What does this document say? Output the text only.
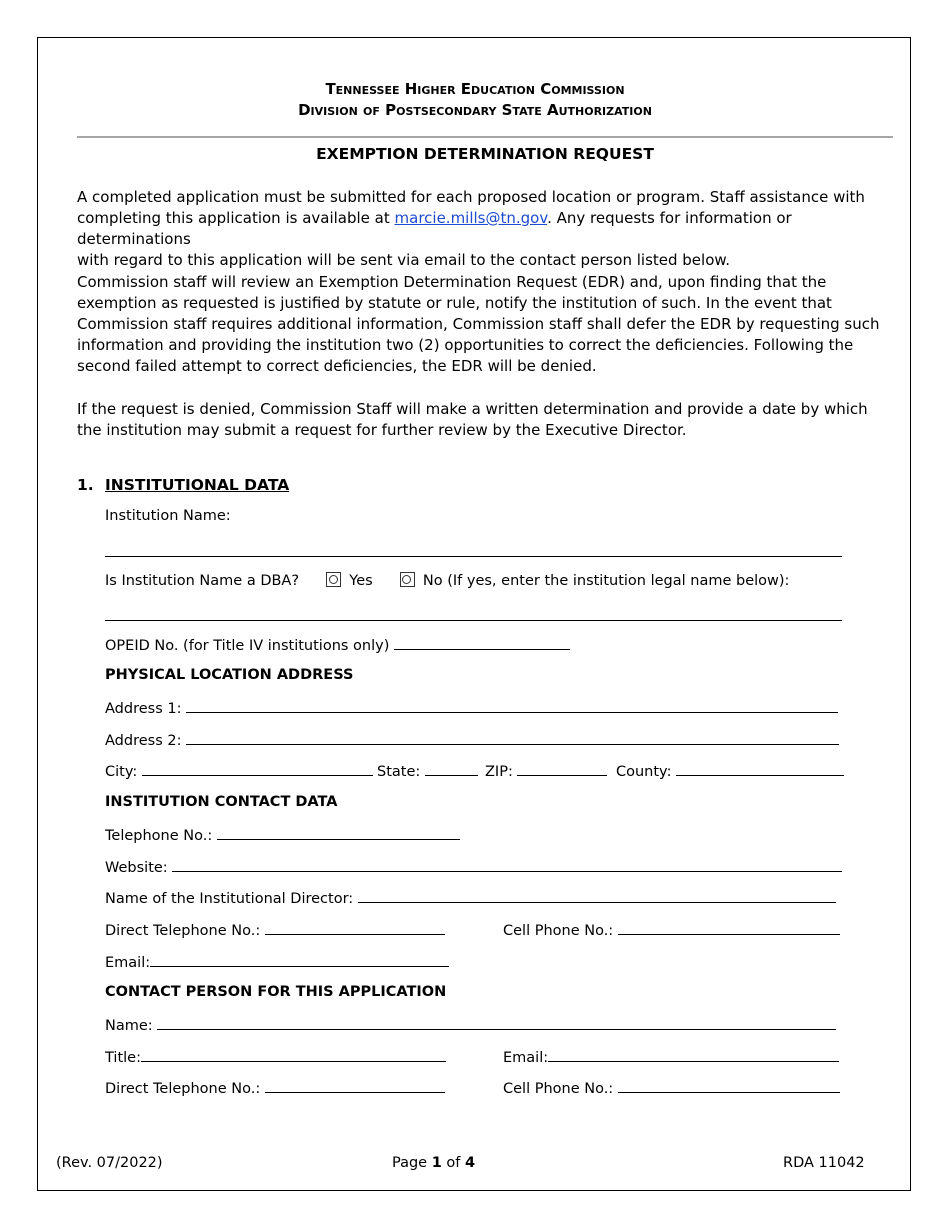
Tennessee Higher Education Commission
Division of Postsecondary State Authorization
EXEMPTION DETERMINATION REQUEST
A completed application must be submitted for each proposed location or program. Staff assistance with
completing this application is available at marcie.mills@tn.gov. Any requests for information or determinations
with regard to this application will be sent via email to the contact person listed below.
Commission staff will review an Exemption Determination Request (EDR) and, upon finding that the exemption as requested is justified by statute or rule, notify the institution of such. In the event that Commission staff requires additional information, Commission staff shall defer the EDR by requesting such information and providing the institution two (2) opportunities to correct the deficiencies. Following the second failed attempt to correct deficiencies, the EDR will be denied.
If the request is denied, Commission Staff will make a written determination and provide a date by which the institution may submit a request for further review by the Executive Director.
1. INSTITUTIONAL DATA
Institution Name:
Is Institution Name a DBA?	Yes	No (If yes, enter the institution legal name below):
OPEID No. (for Title IV institutions only)
PHYSICAL LOCATION ADDRESS
Address 1:
Address 2:
City:	State:	ZIP:	County:
INSTITUTION CONTACT DATA
Telephone No.:
Website:
Name of the Institutional Director:
Direct Telephone No.:	Cell Phone No.:
Email:
CONTACT PERSON FOR THIS APPLICATION
Name:
Title:	Email:
Direct Telephone No.:	Cell Phone No.:
(Rev. 07/2022)	Page 1 of 4	RDA 11042
